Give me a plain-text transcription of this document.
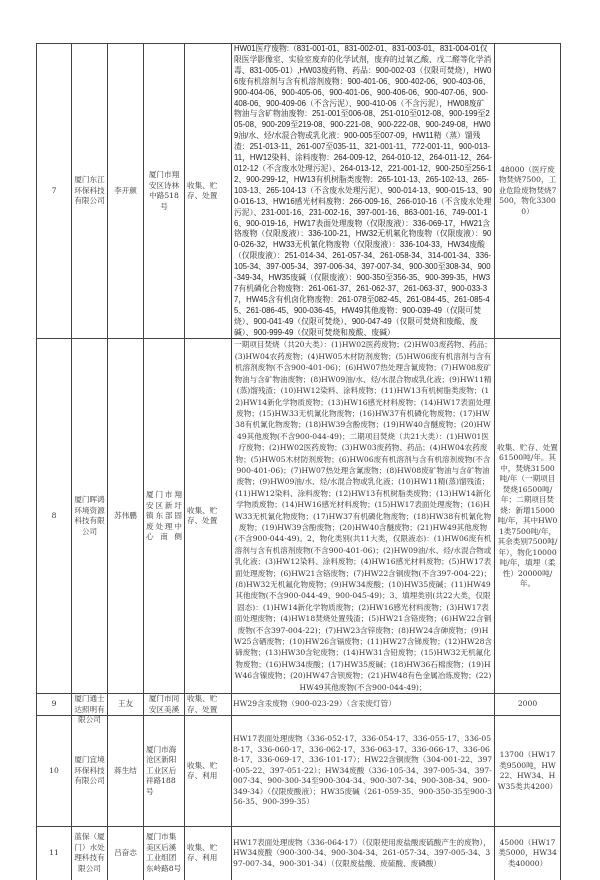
7	厦门东江环保科技有限公司	李开颜	厦门市翔安区诗林中路518号	收集、贮存、处置	HW01医疗废物:（831-001-01、831-002-01、831-003-01、831-004-01仅限医学影像室、实验室废弃的化学试剂，废弃的过氧乙酸、戊二醛等化学消毒、831-005-01）,HW03废药物、药品：900-002-03（仅限可焚烧），HW06废有机溶剂与含有机溶剂废物：900-401-06、900-402-06、900-403-06、900-404-06、900-405-06、900-401-06、900-406-06、900-407-06、900-408-06、900-409-06（不含污泥）、900-410-06（不含污泥），HW08废矿物油与含矿物油废物：251-001至006-08、251-010至012-08、900-199至205-08、900-209至219-08、900-221-08、900-222-08、900-249-08，HW09油/水、烃/水混合物或乳化液：900-005至007-09，HW11精（蒸）馏残渣：251-013-11、261-007至035-11、321-001-11、772-001-11、900-013-11，HW12染料、涂料废物：264-009-12、264-010-12、264-011-12、264-012-12（不含废水处理污泥）、264-013-12、221-001-12、900-250至256-12、900-299-12，HW13有机树脂类废物：265-101-13、265-102-13、265-103-13、265-104-13（不含废水处理污泥）、900-014-13、900-015-13、900-016-13、HW16感光材料废物：266-009-16、266-010-16（不含废水处理污泥）、231-001-16、231-002-16、397-001-16、863-001-16、749-001-16、900-019-16，HW17表面处理废物（仅限废液）：336-069-17，HW21含铬废物（仅限废液）：336-100-21，HW32无机氟化物废物（仅限废液）：900-026-32，HW33无机氰化物废物（仅限废液）：336-104-33，HW34废酸（仅限废液）：251-014-34、261-057-34、261-058-34、314-001-34、336-105-34、397-005-34、397-006-34、397-007-34、900-300至308-34、900-349-34，HW35废碱（仅限废液）：900-350至356-35、900-399-35，HW37有机磷化合物废物：261-061-37、261-062-37、261-063-37、900-033-37，HW45含有机卤化物废物：261-078至082-45、261-084-45、261-085-45、261-086-45、900-036-45，HW49其他废物：900-039-49（仅限可焚烧）、900-041-49（仅限可焚烧）、900-047-49（仅限可焚烧和废酸、废碱）、900-999-49（仅限可焚烧和废酸、废碱）	48000（医疗废物焚烧7500，工业危险废物焚烧7500，物化33000）
8	厦门晖鸿环境资源科技有限公司	苏伟鹏	厦门市翔安区新圩镇东部固废处理中心南侧	收集、贮存、处置	一期项目焚烧（共20大类）：(1)HW02医药废物；(2)HW03废药物、药品；(3)HW04农药废物；(4)HW05木材防剂废物；(5)HW06废有机溶剂与含有机溶剂废物(不含900-401-06)；(6)HW07热处理含氰废物；(7)HW08废矿物油与含矿物油废物；(8)HW09油/水、烃/水混合物或乳化液；(9)HW11精(蒸)馏残渣；(10)HW12染料、涂料废物；(11)HW13有机树脂类废物；(12)HW14新化学物质废物；(13)HW16感光材料废物；(14)HW17表面处理废物；(15)HW33无机氰化物废物；(16)HW37有机磷化物废物；(17)HW38有机氰化物废物；(18)HW39含酚废物；(19)HW40含醚废物；(20)HW49其他废物(不含900-044-49)；二期项目焚烧（共21大类）：(1)HW01医疗废物；(2)HW02医药废物；(3)HW03废药物、药品；(4)HW04农药废物；(5)HW05木材防剂废物；(6)HW06废有机溶剂与含有机溶剂废物(不含900-401-06)；(7)HW07热处理含氰废物；(8)HW08废矿物油与含矿物油废物；(9)HW09油/水、烃/水混合物或乳化液；(10)HW11精(蒸)馏残渣；(11)HW12染料、涂料废物；(12)HW13有机树脂类废物；(13)HW14新化学物质废物；(14)HW16感光材料废物；(15)HW17表面处理废物；(16)HW33无机氰化物废物；(17)HW37有机磷化物废物；(18)HW38有机氰化物废物；(19)HW39含酚废物；(20)HW40含醚废物；(21)HW49其他废物(不含900-044-49)。2、物化类别(共11大类，仅限液态)：(1)HW06废有机溶剂与含有机溶剂废物(不含900-401-06)；(2)HW09油/水、烃/水混合物或乳化液；(3)HW12染料、涂料废物；(4)HW16感光材料废物；(5)HW17表面处理废物；(6)HW21含铬废物；(7)HW22含铜废物(不含397-004-22)；(8)HW32无机氟化物废物；(9)HW34废酸；(10)HW35废碱；(11)HW49其他废物(不含900-044-49、900-045-49)；3、填埋类别(共22大类，仅限固态)：(1)HW14新化学物质废物；(2)HW16感光材料废物；(3)HW17表面处理废物；(4)HW18焚烧处置残渣；(5)HW21含铬废物；(6)HW22含铜废物(不含397-004-22)；(7)HW23含锌废物；(8)HW24含砷废物；(9)HW25含硒废物；(10)HW26含镉废物；(11)HW27含锑废物；(12)HW28含碲废物；(13)HW30含铊废物；(14)HW31含铅废物；(15)HW32无机氟化物废物；(16)HW34废酸；(17)HW35废碱；(18)HW36石棉废物；(19)HW46含镍废物；(20)HW47含钡废物；(21)HW48有色金属冶炼废物；(22)HW49其他废物(不含900-044-49)；	收集、贮存、处置61500吨/年。其中，焚烧31500吨/年（一期项目焚烧16500吨/年；二期项目焚烧：新增15000吨/年，其中HW01类7500吨/年，其余类别7500吨/年），物化10000吨/年，填埋（柔性）20000吨/年。
9	厦门通士达照明有限公司	王友	厦门市同安区美溪	收集、贮存、处置	HW29含汞废物（900-023-29）（含汞废灯管）	2000
10	厦门宜境环保科技有限公司	蒋生结	厦门市海沧区新阳工业区后祥路188号	收集、贮存、利用	HW17表面处理废物（336-052-17、336-054-17、336-055-17、336-058-17、336-060-17、336-062-17、336-063-17、336-066-17、336-068-17、336-069-17、336-101-17）；HW22含铜废物（304-001-22、397-005-22、397-051-22）；HW34废酸（336-105-34、397-005-34、397-007-34、900-300-34至900-304-34、900-307-34、900-308-34、900-349-34）（仅限废酸液）；HW35废碱（261-059-35、900-350-35至900-356-35、900-399-35）	13700（HW17类9500吨，HW22、HW34、HW35类共4200）
11	蓝保（厦门）水处理科技有限公司	吕奋志	厦门市集美区后溪工业组团东岭路8号	收集、贮存、利用	HW17表面处理废物（336-064-17）（仅限使用废盐酸废硫酸产生的废物），HW34废酸（900-300-34、900-304-34、261-057-34、397-005-34、397-007-34、900-301-34）（仅限废盐酸、废硫酸、废磷酸）	45000（HW17类5000，HW34类40000）
